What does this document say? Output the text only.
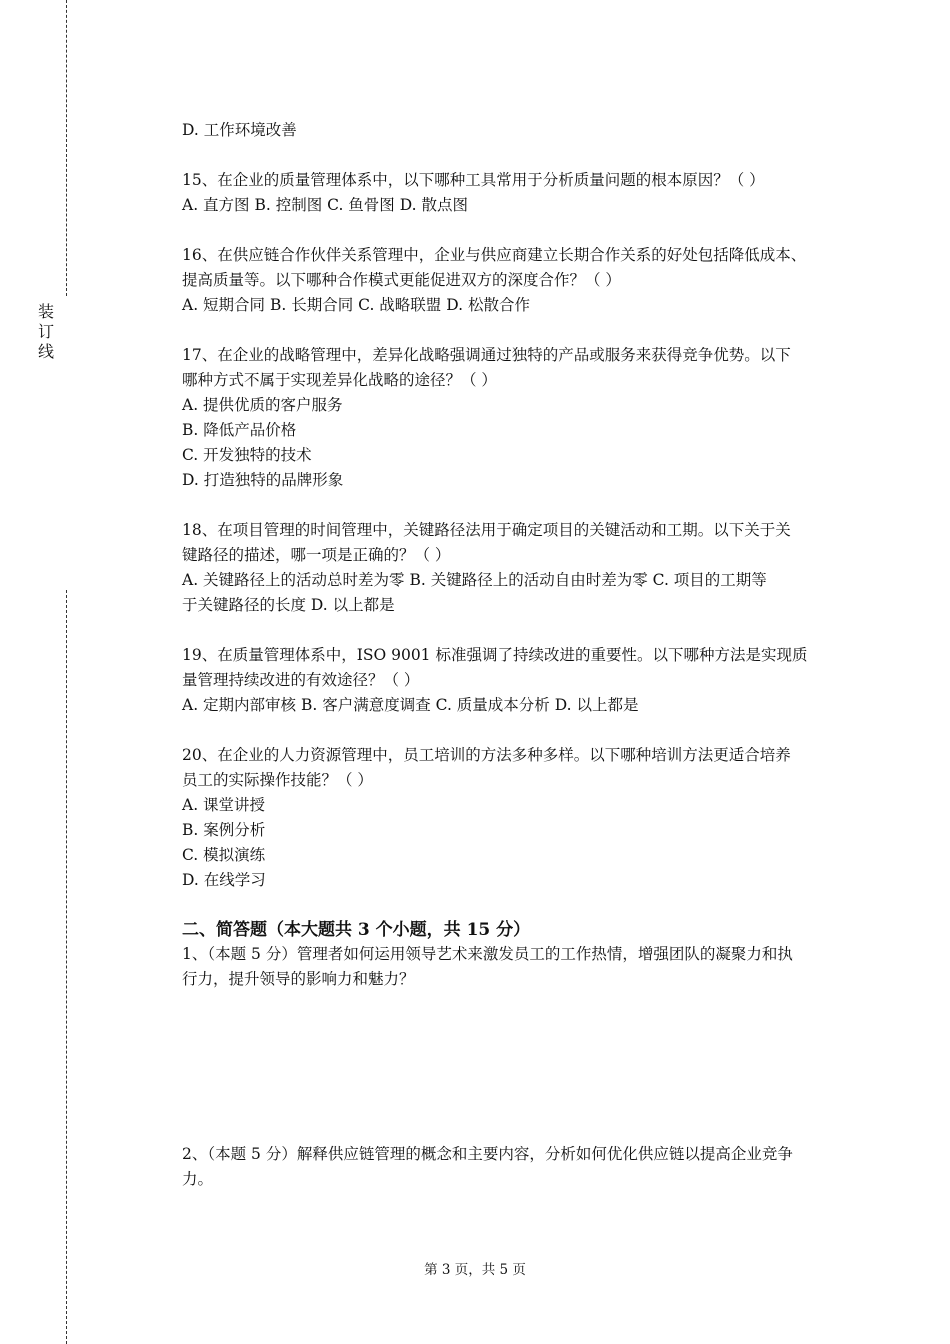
装
订
线
D. 工作环境改善
15、在企业的质量管理体系中，以下哪种工具常用于分析质量问题的根本原因？（ ）
A. 直方图 B. 控制图 C. 鱼骨图 D. 散点图
16、在供应链合作伙伴关系管理中，企业与供应商建立长期合作关系的好处包括降低成本、
提高质量等。以下哪种合作模式更能促进双方的深度合作？（ ）
A. 短期合同 B. 长期合同 C. 战略联盟 D. 松散合作
17、在企业的战略管理中，差异化战略强调通过独特的产品或服务来获得竞争优势。以下
哪种方式不属于实现差异化战略的途径？（ ）
A. 提供优质的客户服务
B. 降低产品价格
C. 开发独特的技术
D. 打造独特的品牌形象
18、在项目管理的时间管理中，关键路径法用于确定项目的关键活动和工期。以下关于关
键路径的描述，哪一项是正确的？（ ）
A. 关键路径上的活动总时差为零 B. 关键路径上的活动自由时差为零 C. 项目的工期等
于关键路径的长度 D. 以上都是
19、在质量管理体系中，ISO 9001 标准强调了持续改进的重要性。以下哪种方法是实现质
量管理持续改进的有效途径？（ ）
A. 定期内部审核 B. 客户满意度调查 C. 质量成本分析 D. 以上都是
20、在企业的人力资源管理中，员工培训的方法多种多样。以下哪种培训方法更适合培养
员工的实际操作技能？（ ）
A. 课堂讲授
B. 案例分析
C. 模拟演练
D. 在线学习
二、简答题（本大题共 3 个小题，共 15 分）
1、（本题 5 分）管理者如何运用领导艺术来激发员工的工作热情，增强团队的凝聚力和执
行力，提升领导的影响力和魅力？
2、（本题 5 分）解释供应链管理的概念和主要内容，分析如何优化供应链以提高企业竞争
力。
第 3 页，共 5 页
